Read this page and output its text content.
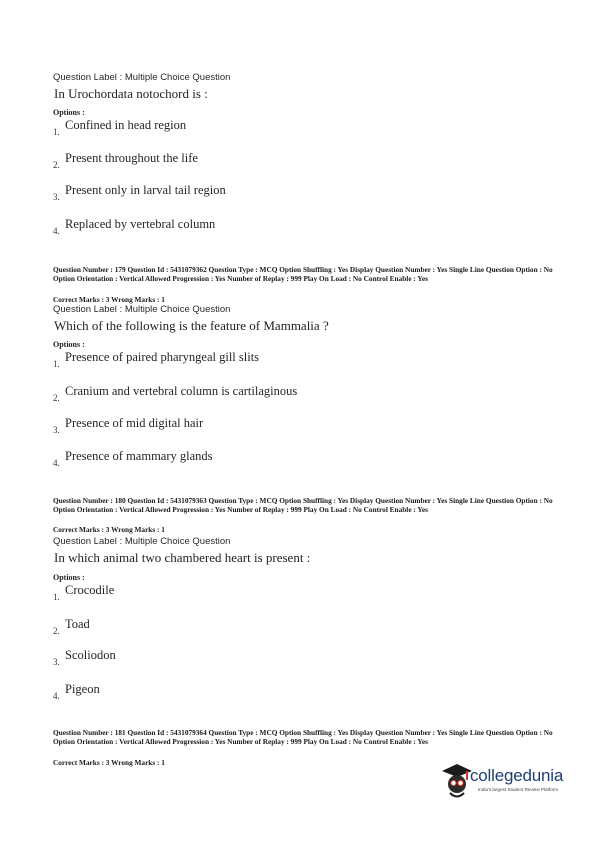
Question Label : Multiple Choice Question
In Urochordata notochord is :
Options :
1. Confined in head region
2. Present throughout the life
3. Present only in larval tail region
4. Replaced by vertebral column
Question Number : 179 Question Id : 5431079362 Question Type : MCQ Option Shuffling : Yes Display Question Number : Yes Single Line Question Option : No Option Orientation : Vertical Allowed Progression : Yes Number of Replay : 999 Play On Load : No Control Enable : Yes
Correct Marks : 3 Wrong Marks : 1
Question Label : Multiple Choice Question
Which of the following is the feature of Mammalia ?
Options :
1. Presence of paired pharyngeal gill slits
2. Cranium and vertebral column is cartilaginous
3. Presence of mid digital hair
4. Presence of mammary glands
Question Number : 180 Question Id : 5431079363 Question Type : MCQ Option Shuffling : Yes Display Question Number : Yes Single Line Question Option : No Option Orientation : Vertical Allowed Progression : Yes Number of Replay : 999 Play On Load : No Control Enable : Yes
Correct Marks : 3 Wrong Marks : 1
Question Label : Multiple Choice Question
In which animal two chambered heart is present :
Options :
1. Crocodile
2. Toad
3. Scoliodon
4. Pigeon
Question Number : 181 Question Id : 5431079364 Question Type : MCQ Option Shuffling : Yes Display Question Number : Yes Single Line Question Option : No Option Orientation : Vertical Allowed Progression : Yes Number of Replay : 999 Play On Load : No Control Enable : Yes
Correct Marks : 3 Wrong Marks : 1
collegedunia
India's largest Student Review Platform
